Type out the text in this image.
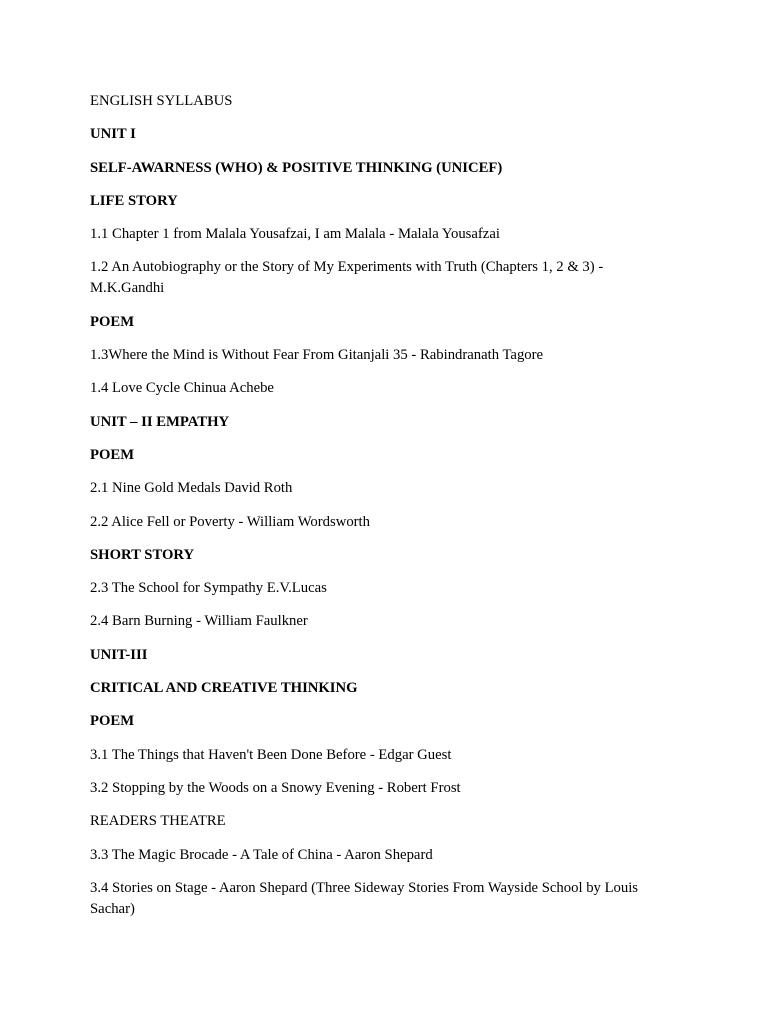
ENGLISH SYLLABUS

UNIT I

SELF-AWARNESS (WHO) & POSITIVE THINKING (UNICEF)

LIFE STORY

1.1 Chapter 1 from Malala Yousafzai, I am Malala - Malala Yousafzai

1.2 An Autobiography or the Story of My Experiments with Truth (Chapters 1, 2 & 3) - M.K.Gandhi

POEM

1.3Where the Mind is Without Fear From Gitanjali 35 - Rabindranath Tagore

1.4 Love Cycle Chinua Achebe

UNIT – II EMPATHY

POEM

2.1 Nine Gold Medals David Roth

2.2 Alice Fell or Poverty - William Wordsworth

SHORT STORY

2.3 The School for Sympathy E.V.Lucas

2.4 Barn Burning - William Faulkner

UNIT-III

CRITICAL AND CREATIVE THINKING

POEM

3.1 The Things that Haven't Been Done Before - Edgar Guest

3.2 Stopping by the Woods on a Snowy Evening - Robert Frost

READERS THEATRE

3.3 The Magic Brocade - A Tale of China - Aaron Shepard

3.4 Stories on Stage - Aaron Shepard (Three Sideway Stories From Wayside School by Louis Sachar)
